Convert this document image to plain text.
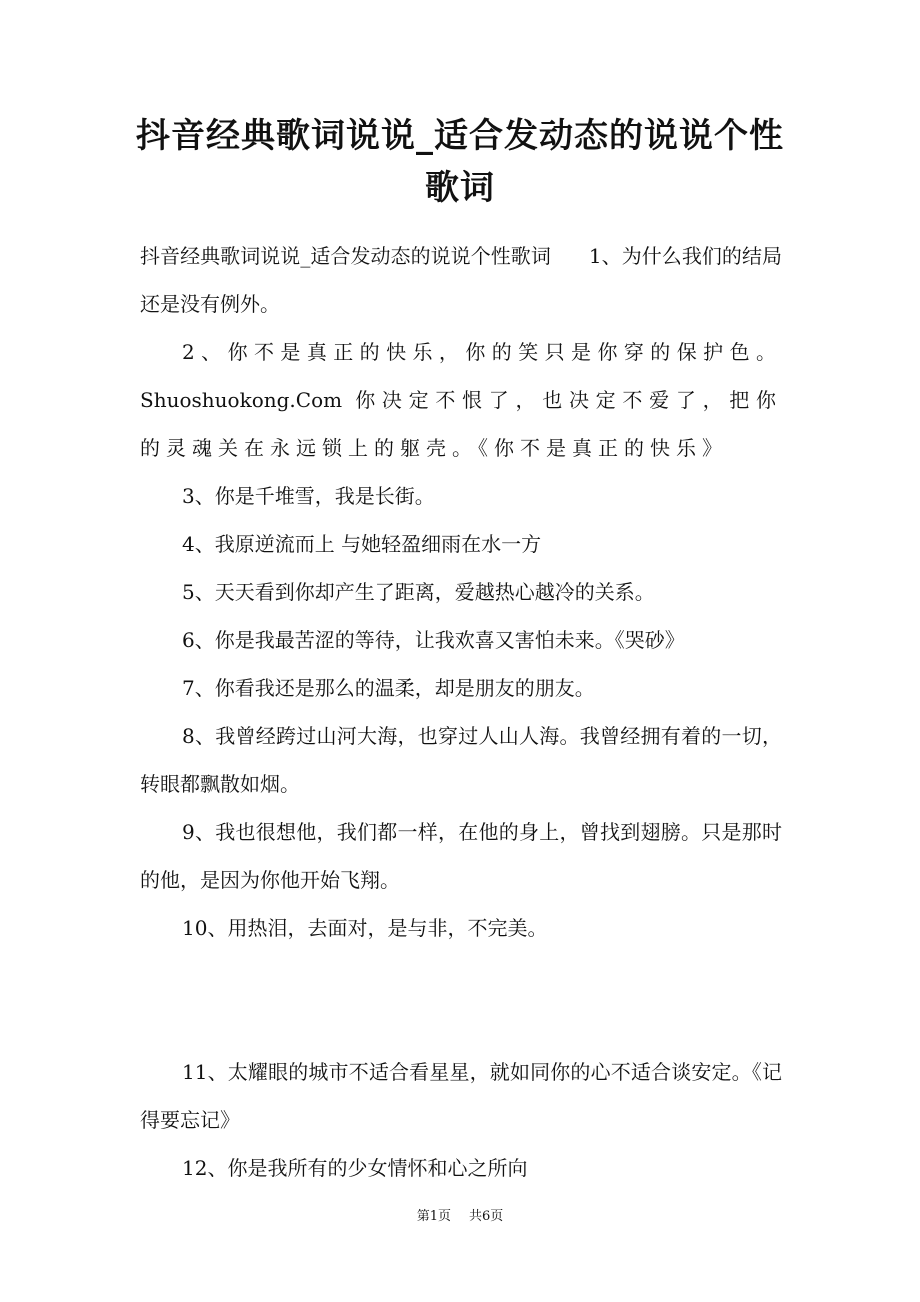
抖音经典歌词说说_适合发动态的说说个性歌词

抖音经典歌词说说_适合发动态的说说个性歌词 1、为什么我们的结局还是没有例外。

2、你不是真正的快乐，你的笑只是你穿的保护色。Shuoshuokong.Com 你决定不恨了，也决定不爱了，把你的灵魂关在永远锁上的躯壳。《你不是真正的快乐》

3、你是千堆雪，我是长街。

4、我原逆流而上 与她轻盈细雨在水一方

5、天天看到你却产生了距离，爱越热心越冷的关系。

6、你是我最苦涩的等待，让我欢喜又害怕未来。《哭砂》

7、你看我还是那么的温柔，却是朋友的朋友。

8、我曾经跨过山河大海，也穿过人山人海。我曾经拥有着的一切，转眼都飘散如烟。

9、我也很想他，我们都一样，在他的身上，曾找到翅膀。只是那时的他，是因为你他开始飞翔。

10、用热泪，去面对，是与非，不完美。

11、太耀眼的城市不适合看星星，就如同你的心不适合谈安定。《记得要忘记》

12、你是我所有的少女情怀和心之所向

第1页 共6页
